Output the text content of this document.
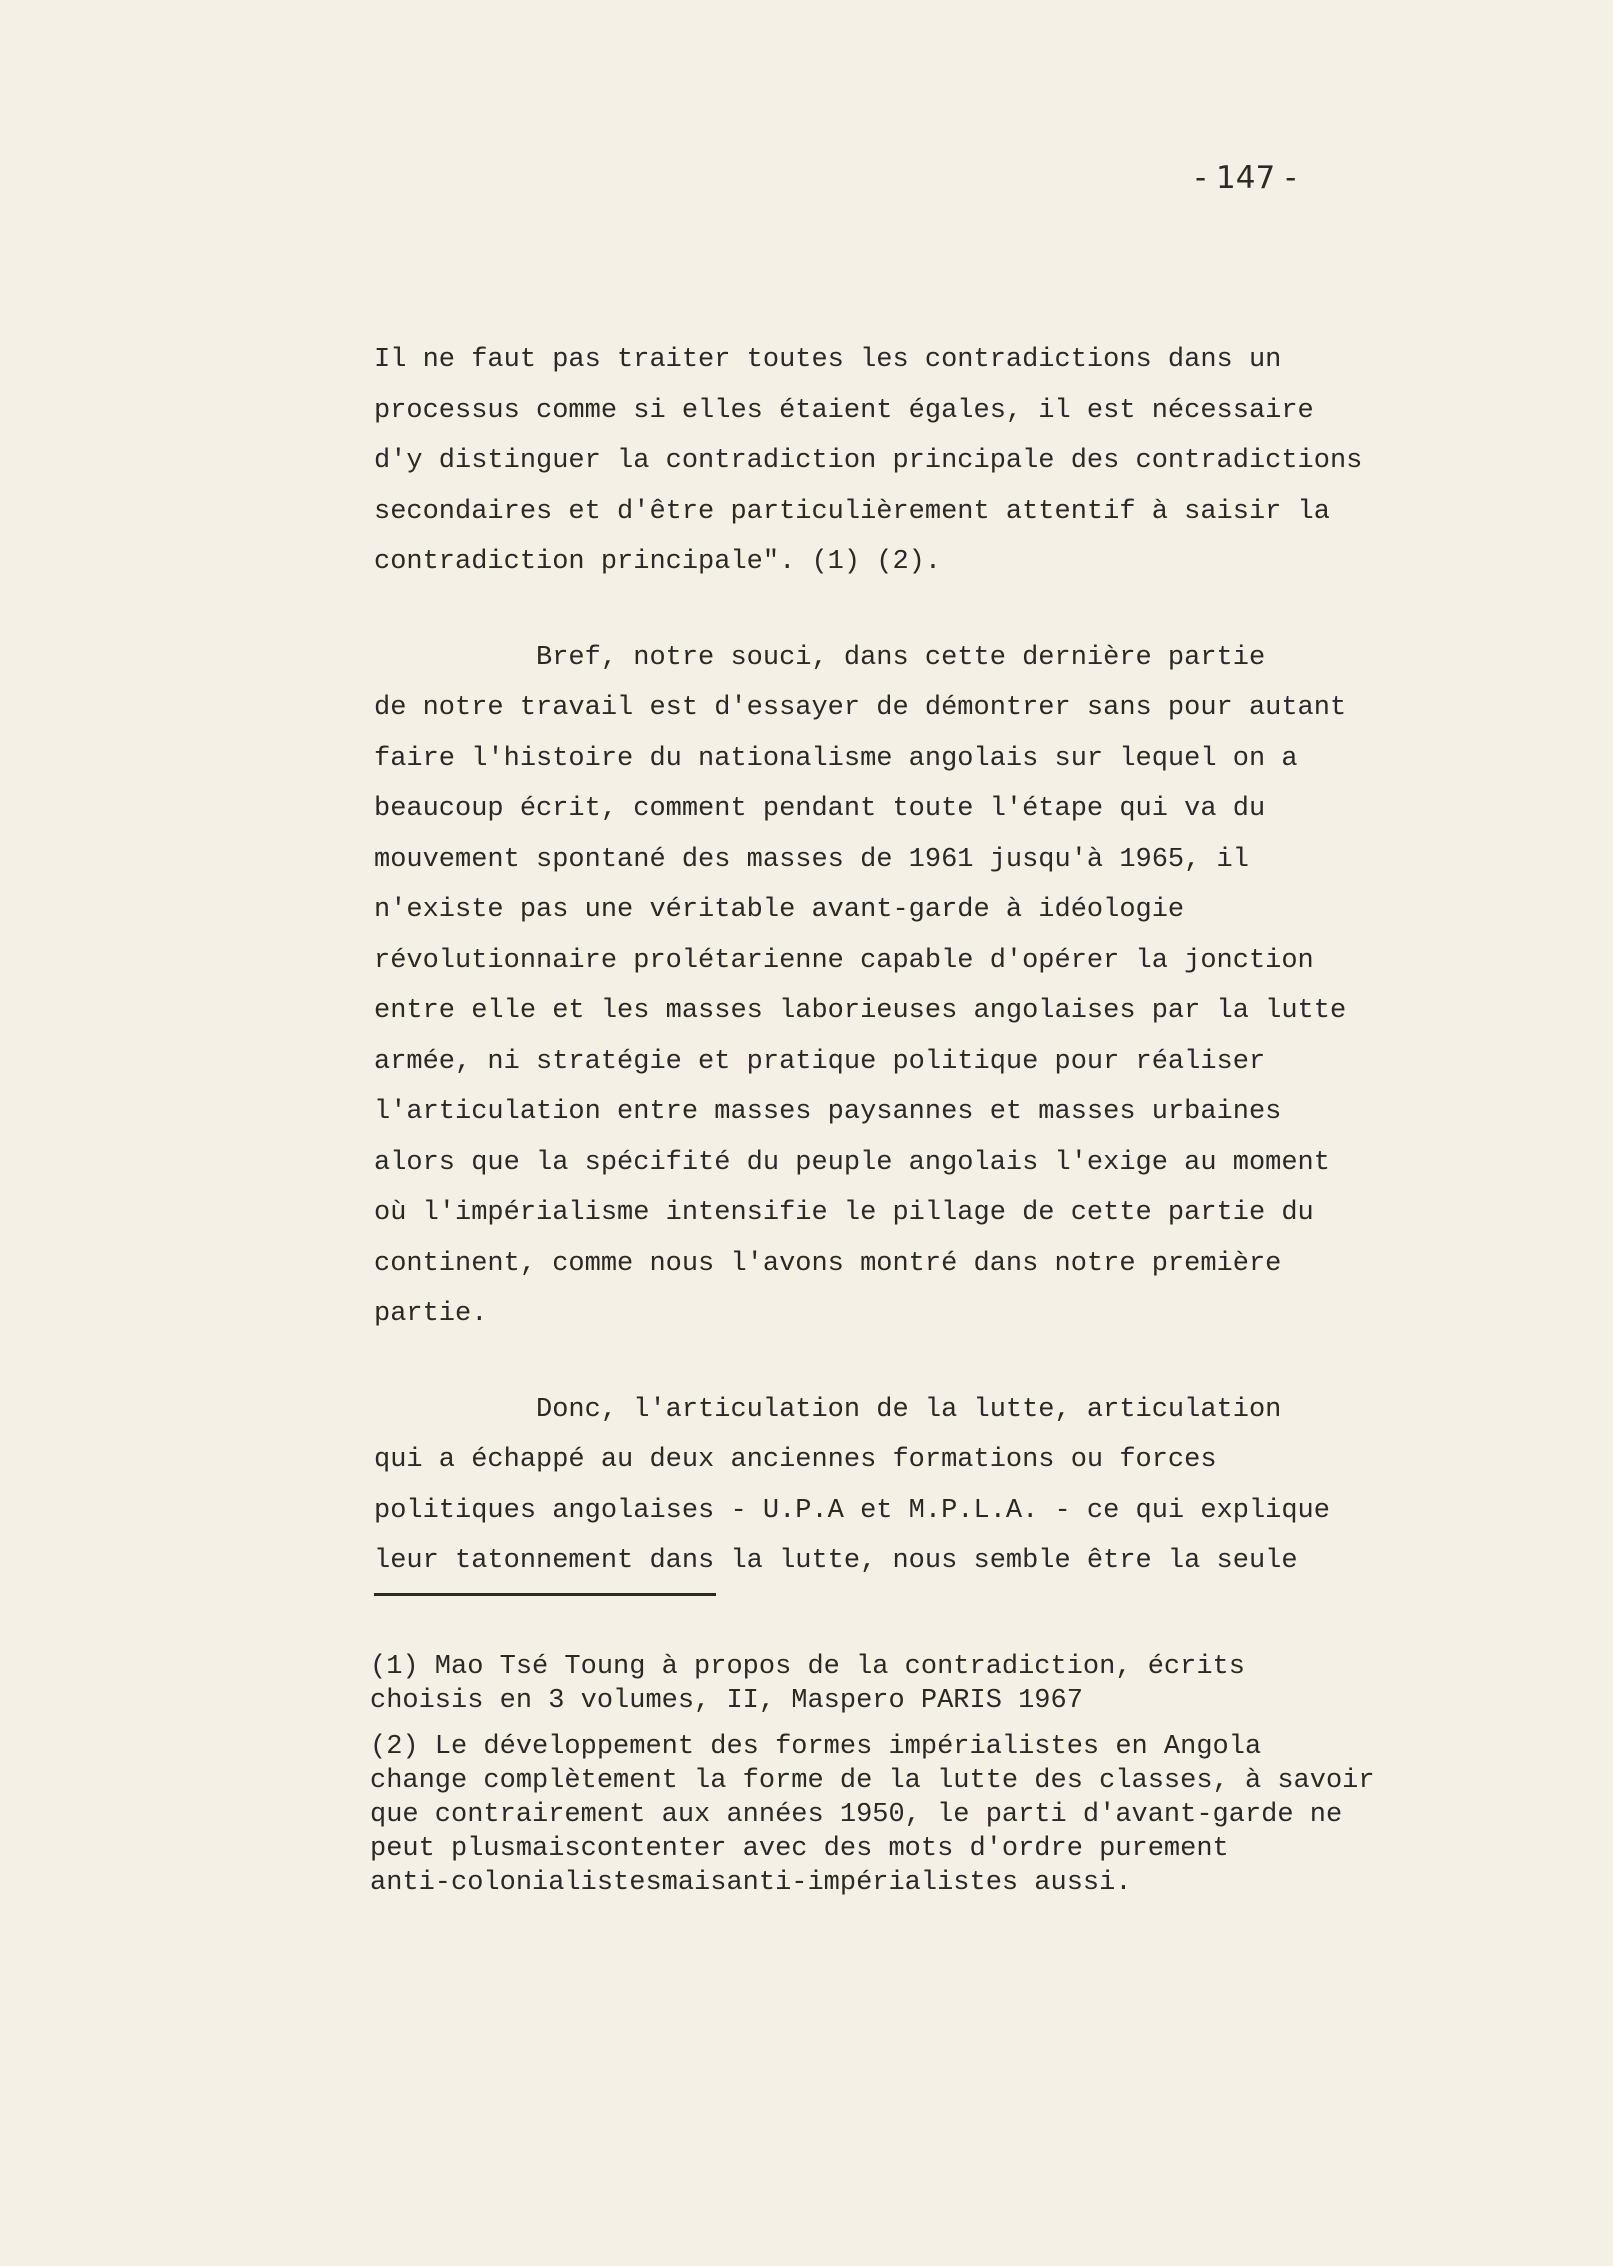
- 147 -
Il ne faut pas traiter toutes les contradictions dans un
processus comme si elles étaient égales, il est nécessaire
d'y distinguer la contradiction principale des contradictions
secondaires et d'être particulièrement attentif à saisir la
contradiction principale". (1) (2).
Bref, notre souci, dans cette dernière partie
de notre travail est d'essayer de démontrer sans pour autant
faire l'histoire du nationalisme angolais sur lequel on a
beaucoup écrit, comment pendant toute l'étape qui va du
mouvement spontané des masses de 1961 jusqu'à 1965, il
n'existe pas une véritable avant-garde à idéologie
révolutionnaire prolétarienne capable d'opérer la jonction
entre elle et les masses laborieuses angolaises par la lutte
armée, ni stratégie et pratique politique pour réaliser
l'articulation entre masses paysannes et masses urbaines
alors que la spécifité du peuple angolais l'exige au moment
où l'impérialisme intensifie le pillage de cette partie du
continent, comme nous l'avons montré dans notre première
partie.
Donc, l'articulation de la lutte, articulation
qui a échappé au deux anciennes formations ou forces
politiques angolaises - U.P.A et M.P.L.A. - ce qui explique
leur tatonnement dans la lutte, nous semble être la seule
(1) Mao Tsé Toung à propos de la contradiction, écrits
choisis en 3 volumes, II, Maspero PARIS 1967
(2) Le développement des formes impérialistes en Angola
change complètement la forme de la lutte des classes, à savoir
que contrairement aux années 1950, le parti d'avant-garde ne
peut plusmaiscontenter avec des mots d'ordre purement
anti-colonialistesmaisanti-impérialistes aussi.
